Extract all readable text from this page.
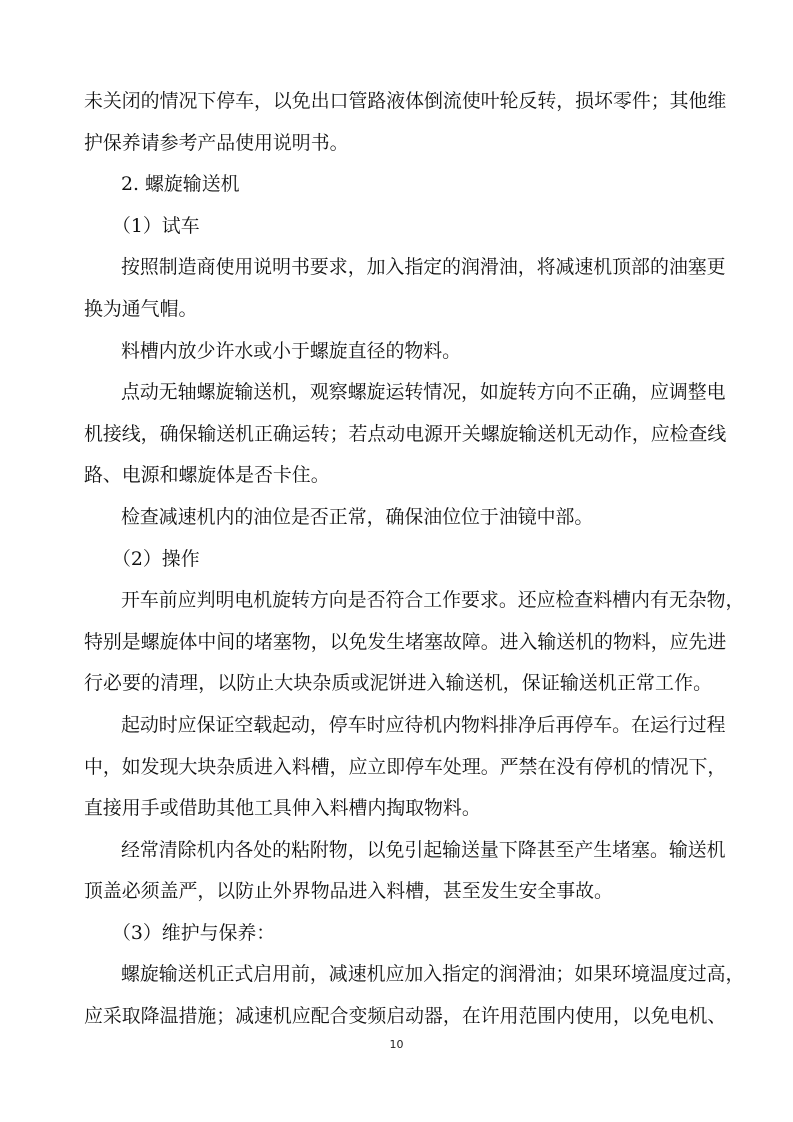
未关闭的情况下停车，以免出口管路液体倒流使叶轮反转，损坏零件；其他维
护保养请参考产品使用说明书。
2. 螺旋输送机
（1）试车
按照制造商使用说明书要求，加入指定的润滑油，将减速机顶部的油塞更
换为通气帽。
料槽内放少许水或小于螺旋直径的物料。
点动无轴螺旋输送机，观察螺旋运转情况，如旋转方向不正确，应调整电
机接线，确保输送机正确运转；若点动电源开关螺旋输送机无动作，应检查线
路、电源和螺旋体是否卡住。
检查减速机内的油位是否正常，确保油位位于油镜中部。
（2）操作
开车前应判明电机旋转方向是否符合工作要求。还应检查料槽内有无杂物，
特别是螺旋体中间的堵塞物，以免发生堵塞故障。进入输送机的物料，应先进
行必要的清理，以防止大块杂质或泥饼进入输送机，保证输送机正常工作。
起动时应保证空载起动，停车时应待机内物料排净后再停车。在运行过程
中，如发现大块杂质进入料槽，应立即停车处理。严禁在没有停机的情况下，
直接用手或借助其他工具伸入料槽内掏取物料。
经常清除机内各处的粘附物，以免引起输送量下降甚至产生堵塞。输送机
顶盖必须盖严，以防止外界物品进入料槽，甚至发生安全事故。
（3）维护与保养：
螺旋输送机正式启用前，减速机应加入指定的润滑油；如果环境温度过高，
应采取降温措施；减速机应配合变频启动器，在许用范围内使用，以免电机、
10
